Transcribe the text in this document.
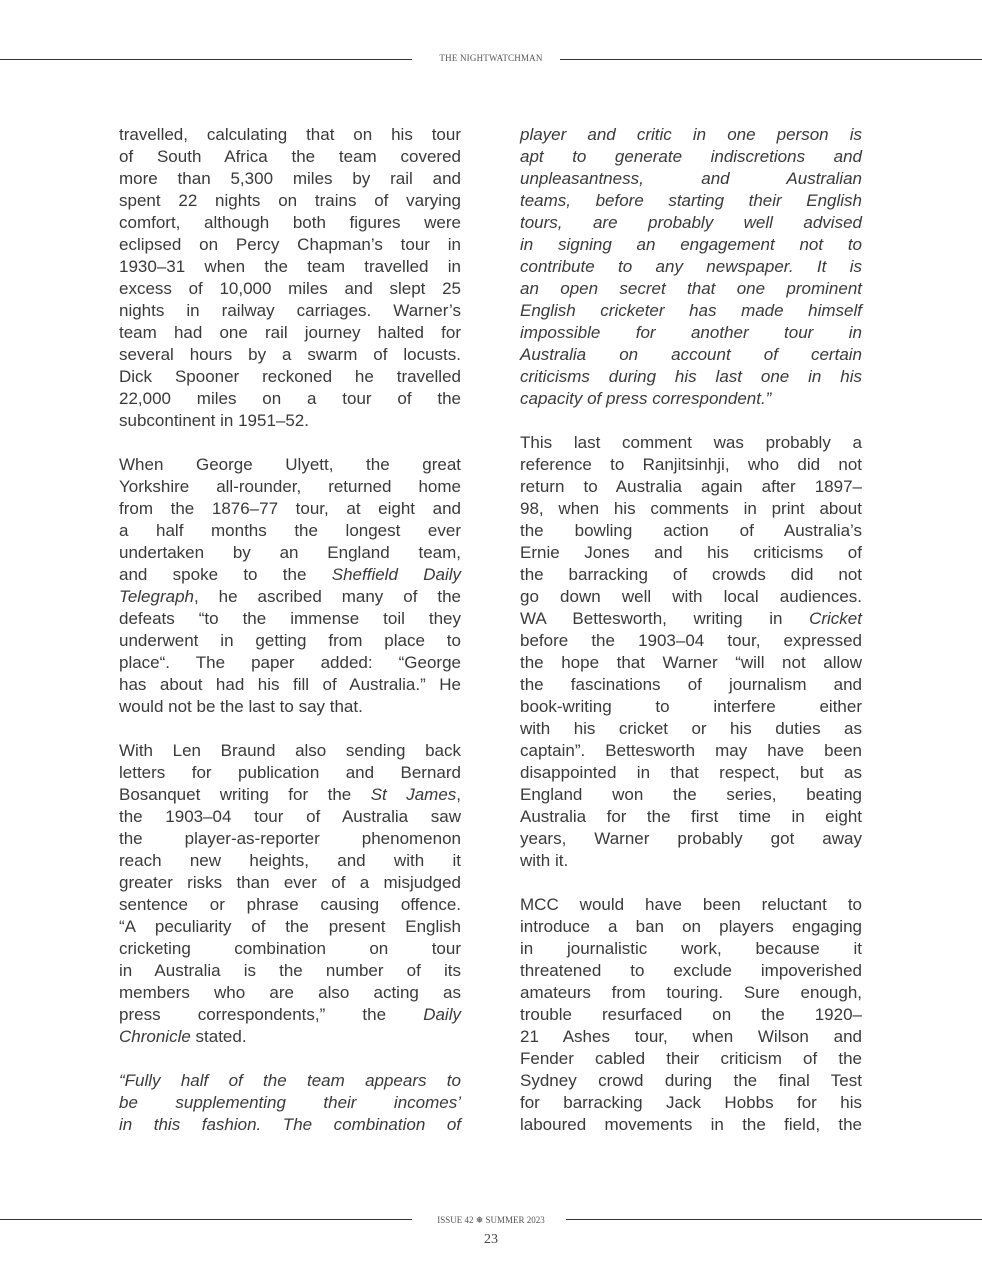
THE NIGHTWATCHMAN
travelled, calculating that on his tour
of South Africa the team covered
more than 5,300 miles by rail and
spent 22 nights on trains of varying
comfort, although both figures were
eclipsed on Percy Chapman’s tour in
1930–31 when the team travelled in
excess of 10,000 miles and slept 25
nights in railway carriages. Warner’s
team had one rail journey halted for
several hours by a swarm of locusts.
Dick Spooner reckoned he travelled
22,000 miles on a tour of the
subcontinent in 1951–52.
When George Ulyett, the great
Yorkshire all-rounder, returned home
from the 1876–77 tour, at eight and
a half months the longest ever
undertaken by an England team,
and spoke to the Sheffield Daily
Telegraph, he ascribed many of the
defeats “to the immense toil they
underwent in getting from place to
place“. The paper added: “George
has about had his fill of Australia.” He
would not be the last to say that.
With Len Braund also sending back
letters for publication and Bernard
Bosanquet writing for the St James,
the 1903–04 tour of Australia saw
the player-as-reporter phenomenon
reach new heights, and with it
greater risks than ever of a misjudged
sentence or phrase causing offence.
“A peculiarity of the present English
cricketing combination on tour
in Australia is the number of its
members who are also acting as
press correspondents,” the Daily
Chronicle stated.
“Fully half of the team appears to
be supplementing their incomes’
in this fashion. The combination of
player and critic in one person is
apt to generate indiscretions and
unpleasantness, and Australian
teams, before starting their English
tours, are probably well advised
in signing an engagement not to
contribute to any newspaper. It is
an open secret that one prominent
English cricketer has made himself
impossible for another tour in
Australia on account of certain
criticisms during his last one in his
capacity of press correspondent.”
This last comment was probably a
reference to Ranjitsinhji, who did not
return to Australia again after 1897–
98, when his comments in print about
the bowling action of Australia’s
Ernie Jones and his criticisms of
the barracking of crowds did not
go down well with local audiences.
WA Bettesworth, writing in Cricket
before the 1903–04 tour, expressed
the hope that Warner “will not allow
the fascinations of journalism and
book-writing to interfere either
with his cricket or his duties as
captain”. Bettesworth may have been
disappointed in that respect, but as
England won the series, beating
Australia for the first time in eight
years, Warner probably got away
with it.
MCC would have been reluctant to
introduce a ban on players engaging
in journalistic work, because it
threatened to exclude impoverished
amateurs from touring. Sure enough,
trouble resurfaced on the 1920–
21 Ashes tour, when Wilson and
Fender cabled their criticism of the
Sydney crowd during the final Test
for barracking Jack Hobbs for his
laboured movements in the field, the
ISSUE 42 ❅ SUMMER 2023
23
